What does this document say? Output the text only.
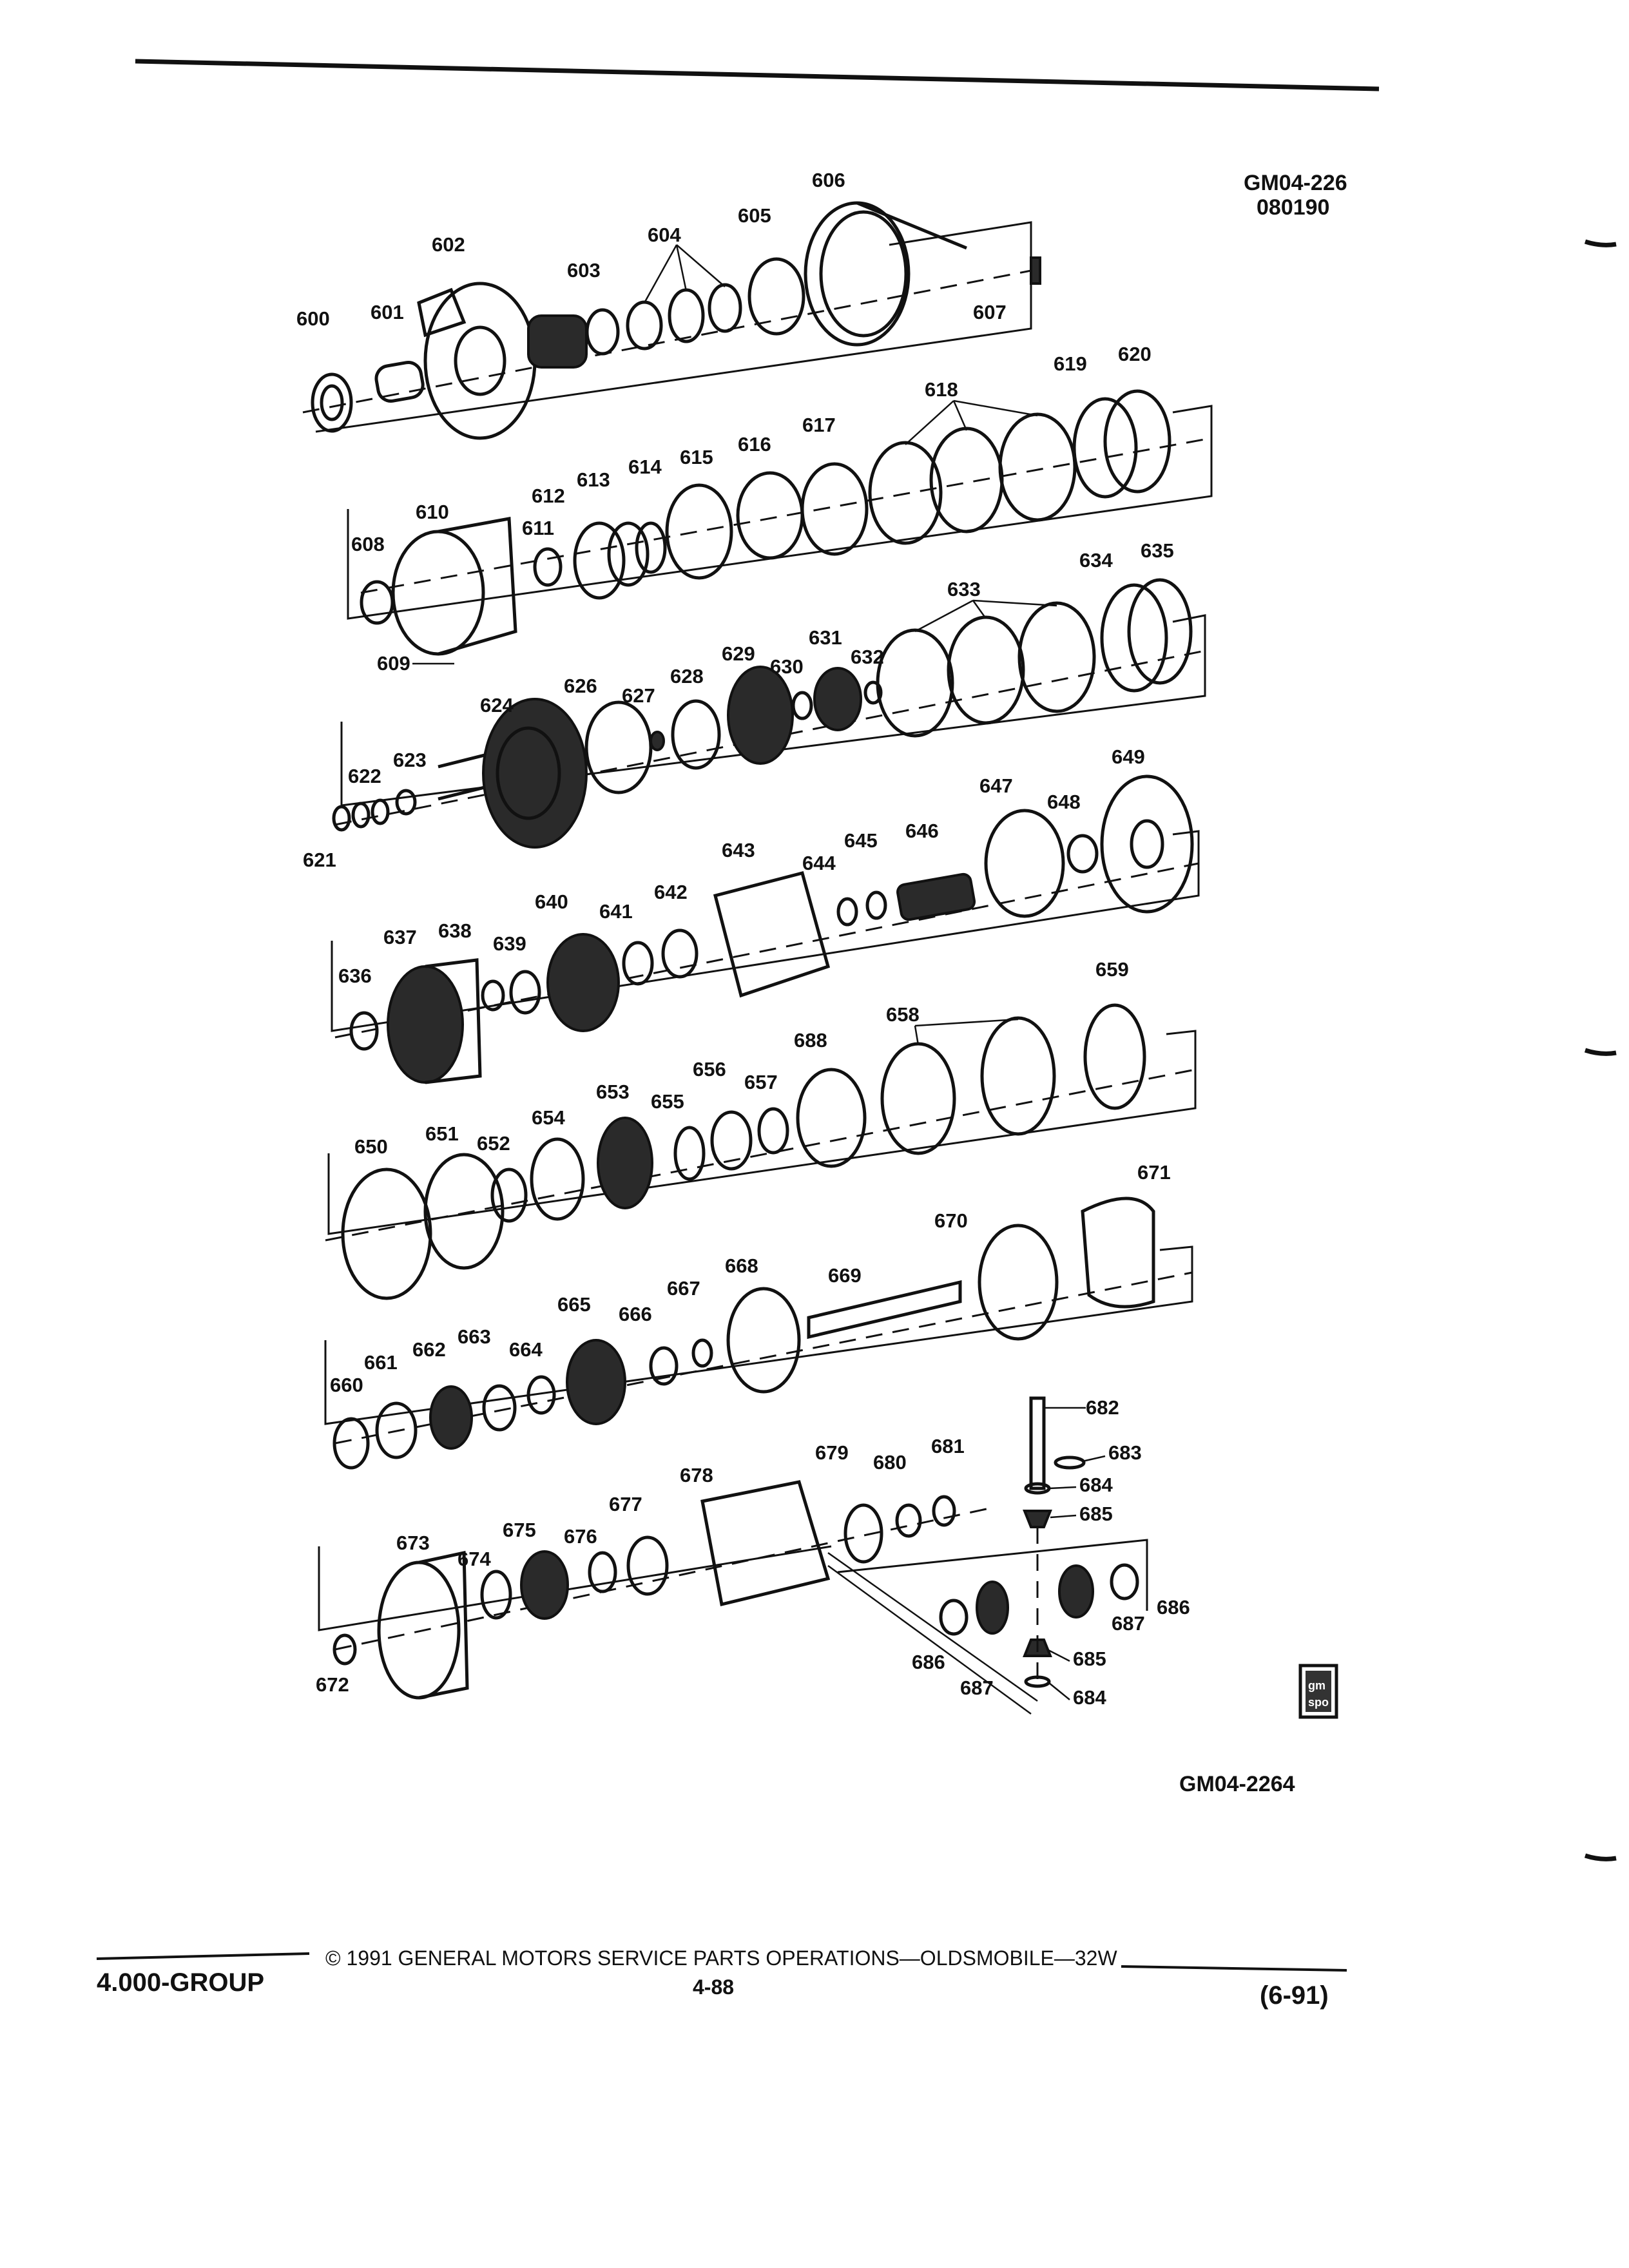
GM04-226
080190
gm
spo
GM04-2264
600 601
602
603
604
605
606
607
608
609
610
611
612
613
614 615
616
617
618
619 620
621
622
623
624
626 627
628
629
630
631
632
633
634 635
636
637 638
639
640 641
642
643
644
645 646
647
648
649
650
651 652
654
653 655
656
657
688
658
659
660
661
662
663
664
665 666
667
668	669
670
671
672
673
674
675 676
677
678
679 680
681
682
683
684
685
686
687
686
687
685
684
4.000-GROUP
© 1991 GENERAL MOTORS SERVICE PARTS OPERATIONS—OLDSMOBILE—32W
4-88	(6-91)
